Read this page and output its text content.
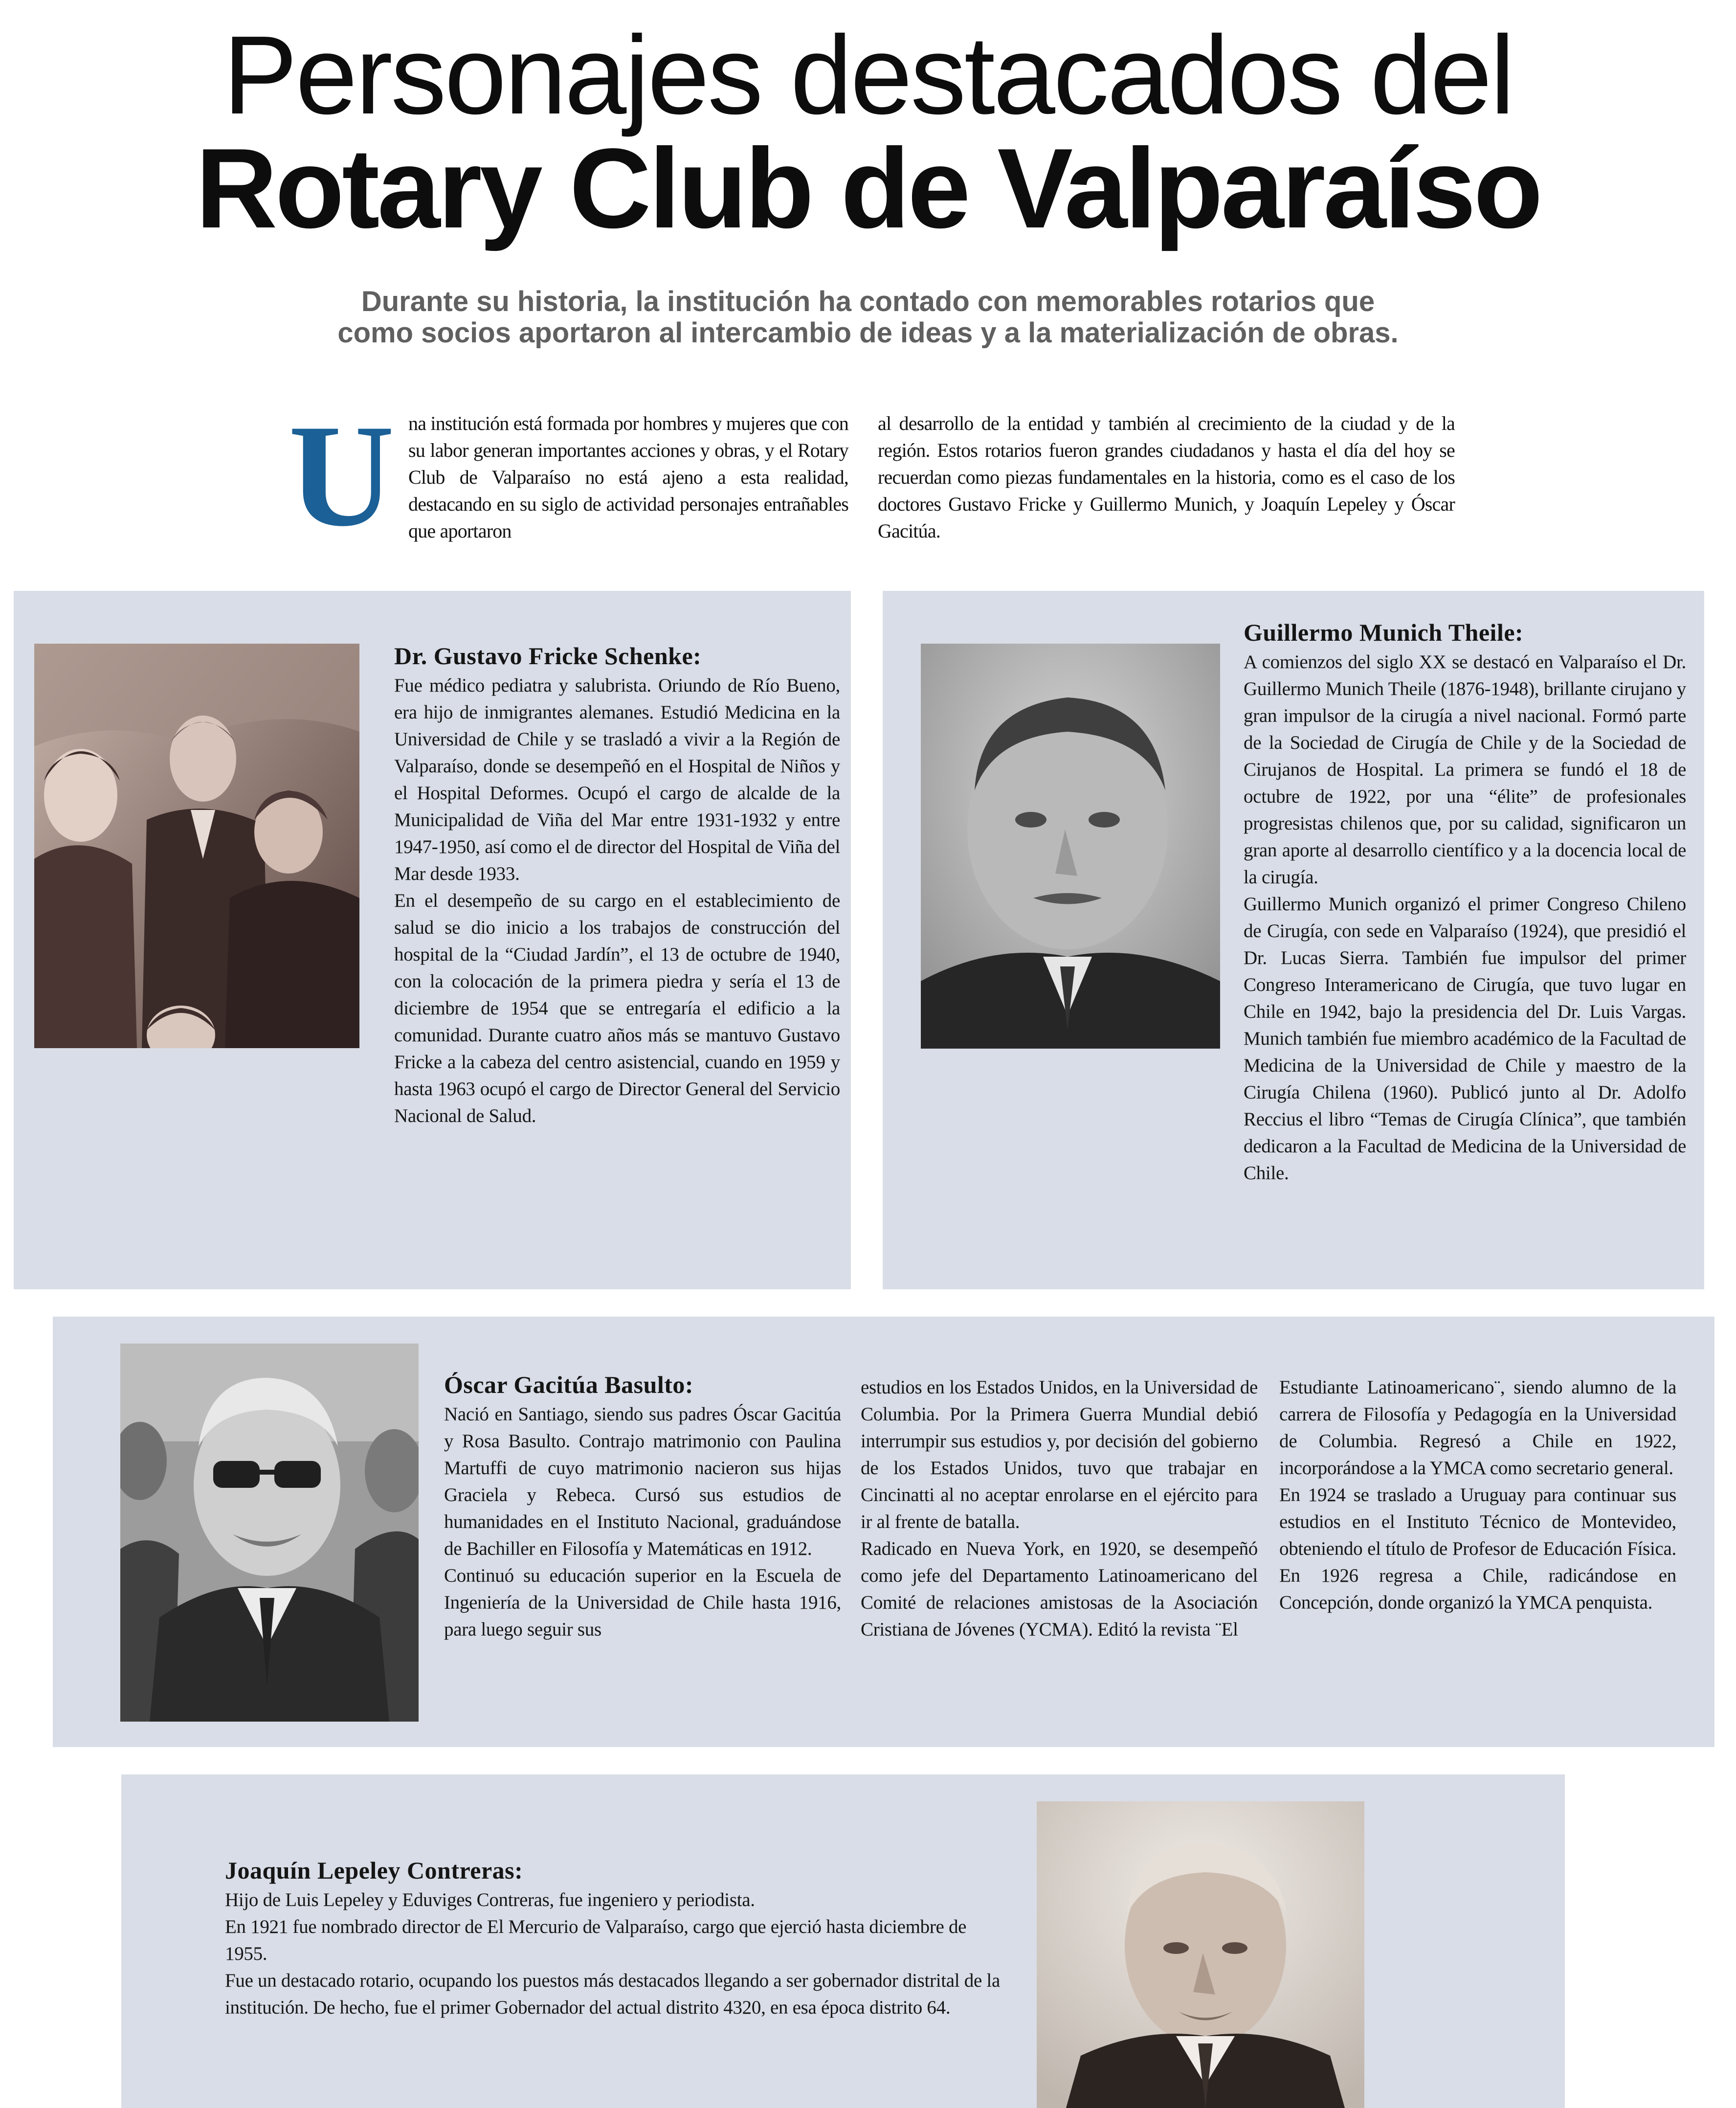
Personajes destacados del
Rotary Club de Valparaíso
Durante su historia, la institución ha contado con memorables rotarios que
como socios aportaron al intercambio de ideas y a la materialización de obras.
U na institución está formada por hombres y mujeres que con su labor generan importantes acciones y obras, y el Rotary Club de Valparaíso no está ajeno a esta realidad, destacando en su siglo de actividad personajes entrañables que aportaron
al desarrollo de la entidad y también al crecimiento de la ciudad y de la región. Estos rotarios fueron grandes ciudadanos y hasta el día del hoy se recuerdan como piezas fundamentales en la historia, como es el caso de los doctores Gustavo Fricke y Guillermo Munich, y Joaquín Lepeley y Óscar Gacitúa.
Dr. Gustavo Fricke Schenke:

Fue médico pediatra y salubrista. Oriundo de Río Bueno, era hijo de inmigrantes alemanes. Estudió Medicina en la Universidad de Chile y se trasladó a vivir a la Región de Valparaíso, donde se desempeñó en el Hospital de Niños y el Hospital Deformes. Ocupó el cargo de alcalde de la Municipalidad de Viña del Mar entre 1931-1932 y entre 1947-1950, así como el de director del Hospital de Viña del Mar desde 1933.

En el desempeño de su cargo en el establecimiento de salud se dio inicio a los trabajos de construcción del hospital de la “Ciudad Jardín”, el 13 de octubre de 1940, con la colocación de la primera piedra y sería el 13 de diciembre de 1954 que se entregaría el edificio a la comunidad. Durante cuatro años más se mantuvo Gustavo Fricke a la cabeza del centro asistencial, cuando en 1959 y hasta 1963 ocupó el cargo de Director General del Servicio Nacional de Salud.

Guillermo Munich Theile:

A comienzos del siglo XX se destacó en Valparaíso el Dr. Guillermo Munich Theile (1876-1948), brillante cirujano y gran impulsor de la cirugía a nivel nacional. Formó parte de la Sociedad de Cirugía de Chile y de la Sociedad de Cirujanos de Hospital. La primera se fundó el 18 de octubre de 1922, por una “élite” de profesionales progresistas chilenos que, por su calidad, significaron un gran aporte al desarrollo científico y a la docencia local de la cirugía.

Guillermo Munich organizó el primer Congreso Chileno de Cirugía, con sede en Valparaíso (1924), que presidió el Dr. Lucas Sierra. También fue impulsor del primer Congreso Interamericano de Cirugía, que tuvo lugar en Chile en 1942, bajo la presidencia del Dr. Luis Vargas. Munich también fue miembro académico de la Facultad de Medicina de la Universidad de Chile y maestro de la Cirugía Chilena (1960). Publicó junto al Dr. Adolfo Reccius el libro “Temas de Cirugía Clínica”, que también dedicaron a la Facultad de Medicina de la Universidad de Chile.

Óscar Gacitúa Basulto:

Nació en Santiago, siendo sus padres Óscar Gacitúa y Rosa Basulto. Contrajo matrimonio con Paulina Martuffi de cuyo matrimonio nacieron sus hijas Graciela y Rebeca. Cursó sus estudios de humanidades en el Instituto Nacional, graduándose de Bachiller en Filosofía y Matemáticas en 1912.

Continuó su educación superior en la Escuela de Ingeniería de la Universidad de Chile hasta 1916, para luego seguir sus

estudios en los Estados Unidos, en la Universidad de Columbia. Por la Primera Guerra Mundial debió interrumpir sus estudios y, por decisión del gobierno de los Estados Unidos, tuvo que trabajar en Cincinatti al no aceptar enrolarse en el ejército para ir al frente de batalla.

Radicado en Nueva York, en 1920, se desempeñó como jefe del Departamento Latinoamericano del Comité de relaciones amistosas de la Asociación Cristiana de Jóvenes (YCMA). Editó la revista ¨El

Estudiante Latinoamericano¨, siendo alumno de la carrera de Filosofía y Pedagogía en la Universidad de Columbia. Regresó a Chile en 1922, incorporándose a la YMCA como secretario general.

En 1924 se traslado a Uruguay para continuar sus estudios en el Instituto Técnico de Montevideo, obteniendo el título de Profesor de Educación Física. En 1926 regresa a Chile, radicándose en Concepción, donde organizó la YMCA penquista.

Joaquín Lepeley Contreras:

Hijo de Luis Lepeley y Eduviges Contreras, fue ingeniero y periodista.

En 1921 fue nombrado director de El Mercurio de Valparaíso, cargo que ejerció hasta diciembre de 1955.

Fue un destacado rotario, ocupando los puestos más destacados llegando a ser gobernador distrital de la institución. De hecho, fue el primer Gobernador del actual distrito 4320, en esa época distrito 64.
